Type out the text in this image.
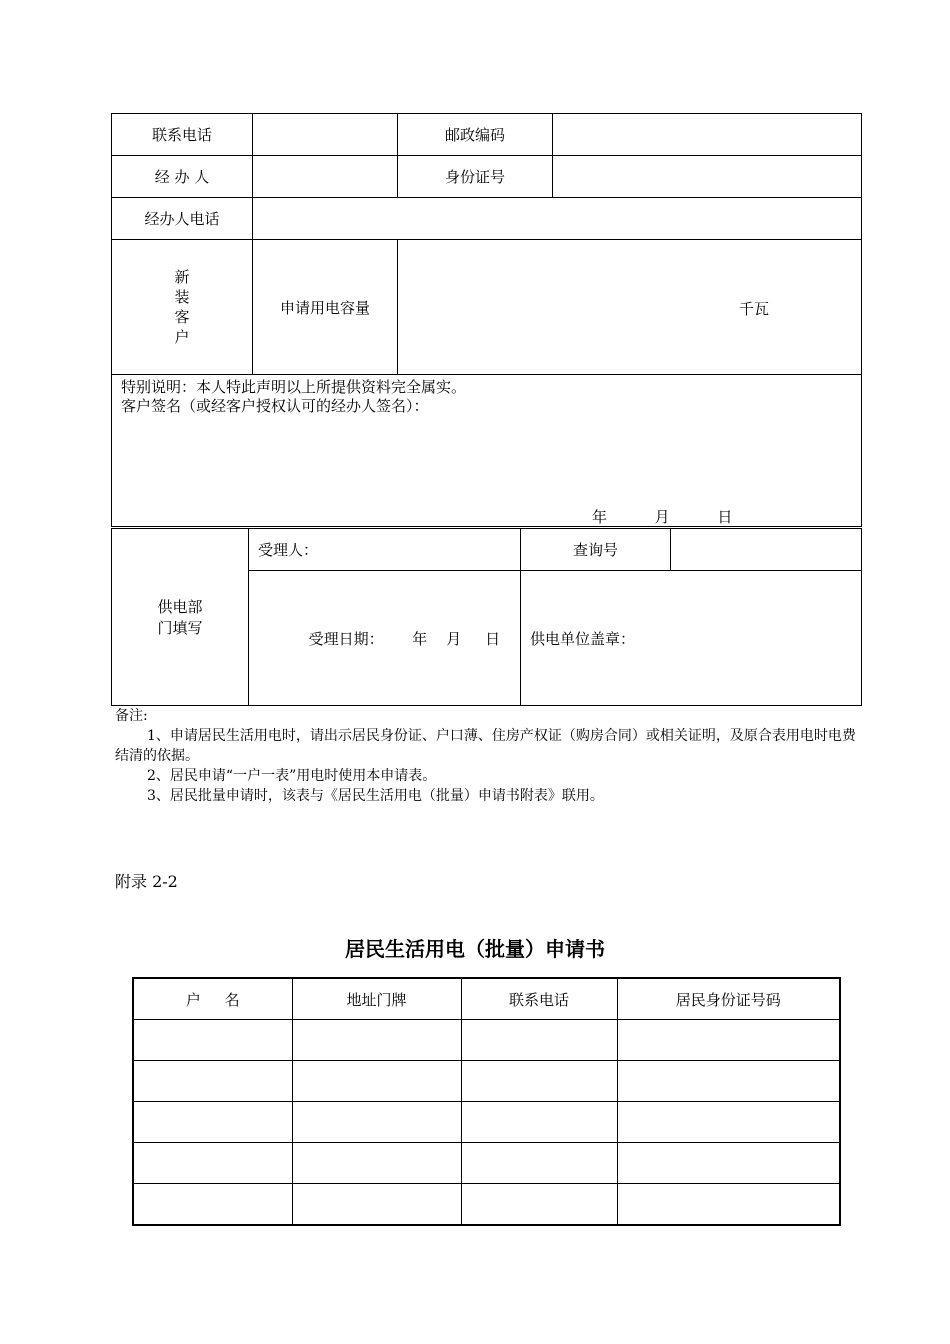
联系电话		邮政编码	
经 办 人		身份证号	
经办人电话			
新
装
客
户	申请用电容量	千瓦	

特别说明：本人特此声明以上所提供资料完全属实。
客户签名（或经客户授权认可的经办人签名）：
年          月          日			
供电部
门填写	受理人：	查询号	

受理日期：      年    月     日	供电单位盖章：	

备注:

1、申请居民生活用电时，请出示居民身份证、户口薄、住房产权证（购房合同）或相关证明，及原合表用电时电费结清的依据。

2、居民申请“一户一表”用电时使用本申请表。

3、居民批量申请时，该表与《居民生活用电（批量）申请书附表》联用。

附录 2-2
居民生活用电（批量）申请书
户     名	地址门牌	联系电话	居民身份证号码
